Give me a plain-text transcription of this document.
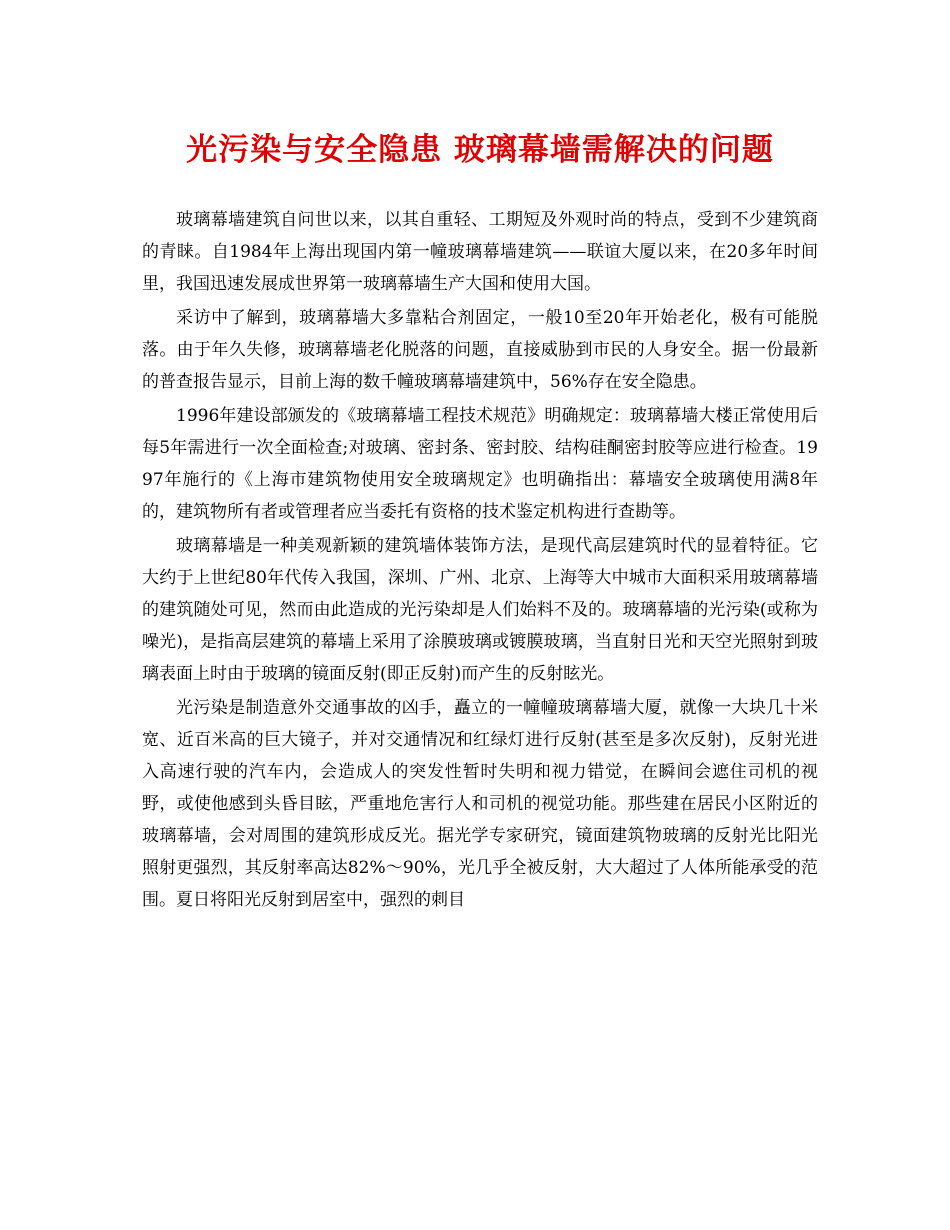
光污染与安全隐患 玻璃幕墙需解决的问题

玻璃幕墙建筑自问世以来，以其自重轻、工期短及外观时尚的特点，受到不少建筑商的青睐。自1984年上海出现国内第一幢玻璃幕墙建筑——联谊大厦以来，在20多年时间里，我国迅速发展成世界第一玻璃幕墙生产大国和使用大国。

采访中了解到，玻璃幕墙大多靠粘合剂固定，一般10至20年开始老化，极有可能脱落。由于年久失修，玻璃幕墙老化脱落的问题，直接威胁到市民的人身安全。据一份最新的普查报告显示，目前上海的数千幢玻璃幕墙建筑中，56%存在安全隐患。

1996年建设部颁发的《玻璃幕墙工程技术规范》明确规定：玻璃幕墙大楼正常使用后每5年需进行一次全面检查;对玻璃、密封条、密封胶、结构硅酮密封胶等应进行检查。1997年施行的《上海市建筑物使用安全玻璃规定》也明确指出：幕墙安全玻璃使用满8年的，建筑物所有者或管理者应当委托有资格的技术鉴定机构进行查勘等。

玻璃幕墙是一种美观新颖的建筑墙体装饰方法，是现代高层建筑时代的显着特征。它大约于上世纪80年代传入我国，深圳、广州、北京、上海等大中城市大面积采用玻璃幕墙的建筑随处可见，然而由此造成的光污染却是人们始料不及的。玻璃幕墙的光污染(或称为噪光)，是指高层建筑的幕墙上采用了涂膜玻璃或镀膜玻璃，当直射日光和天空光照射到玻璃表面上时由于玻璃的镜面反射(即正反射)而产生的反射眩光。

光污染是制造意外交通事故的凶手，矗立的一幢幢玻璃幕墙大厦，就像一大块几十米宽、近百米高的巨大镜子，并对交通情况和红绿灯进行反射(甚至是多次反射)，反射光进入高速行驶的汽车内，会造成人的突发性暂时失明和视力错觉，在瞬间会遮住司机的视野，或使他感到头昏目眩，严重地危害行人和司机的视觉功能。那些建在居民小区附近的玻璃幕墙，会对周围的建筑形成反光。据光学专家研究，镜面建筑物玻璃的反射光比阳光照射更强烈，其反射率高达82%～90%，光几乎全被反射，大大超过了人体所能承受的范围。夏日将阳光反射到居室中，强烈的刺目
